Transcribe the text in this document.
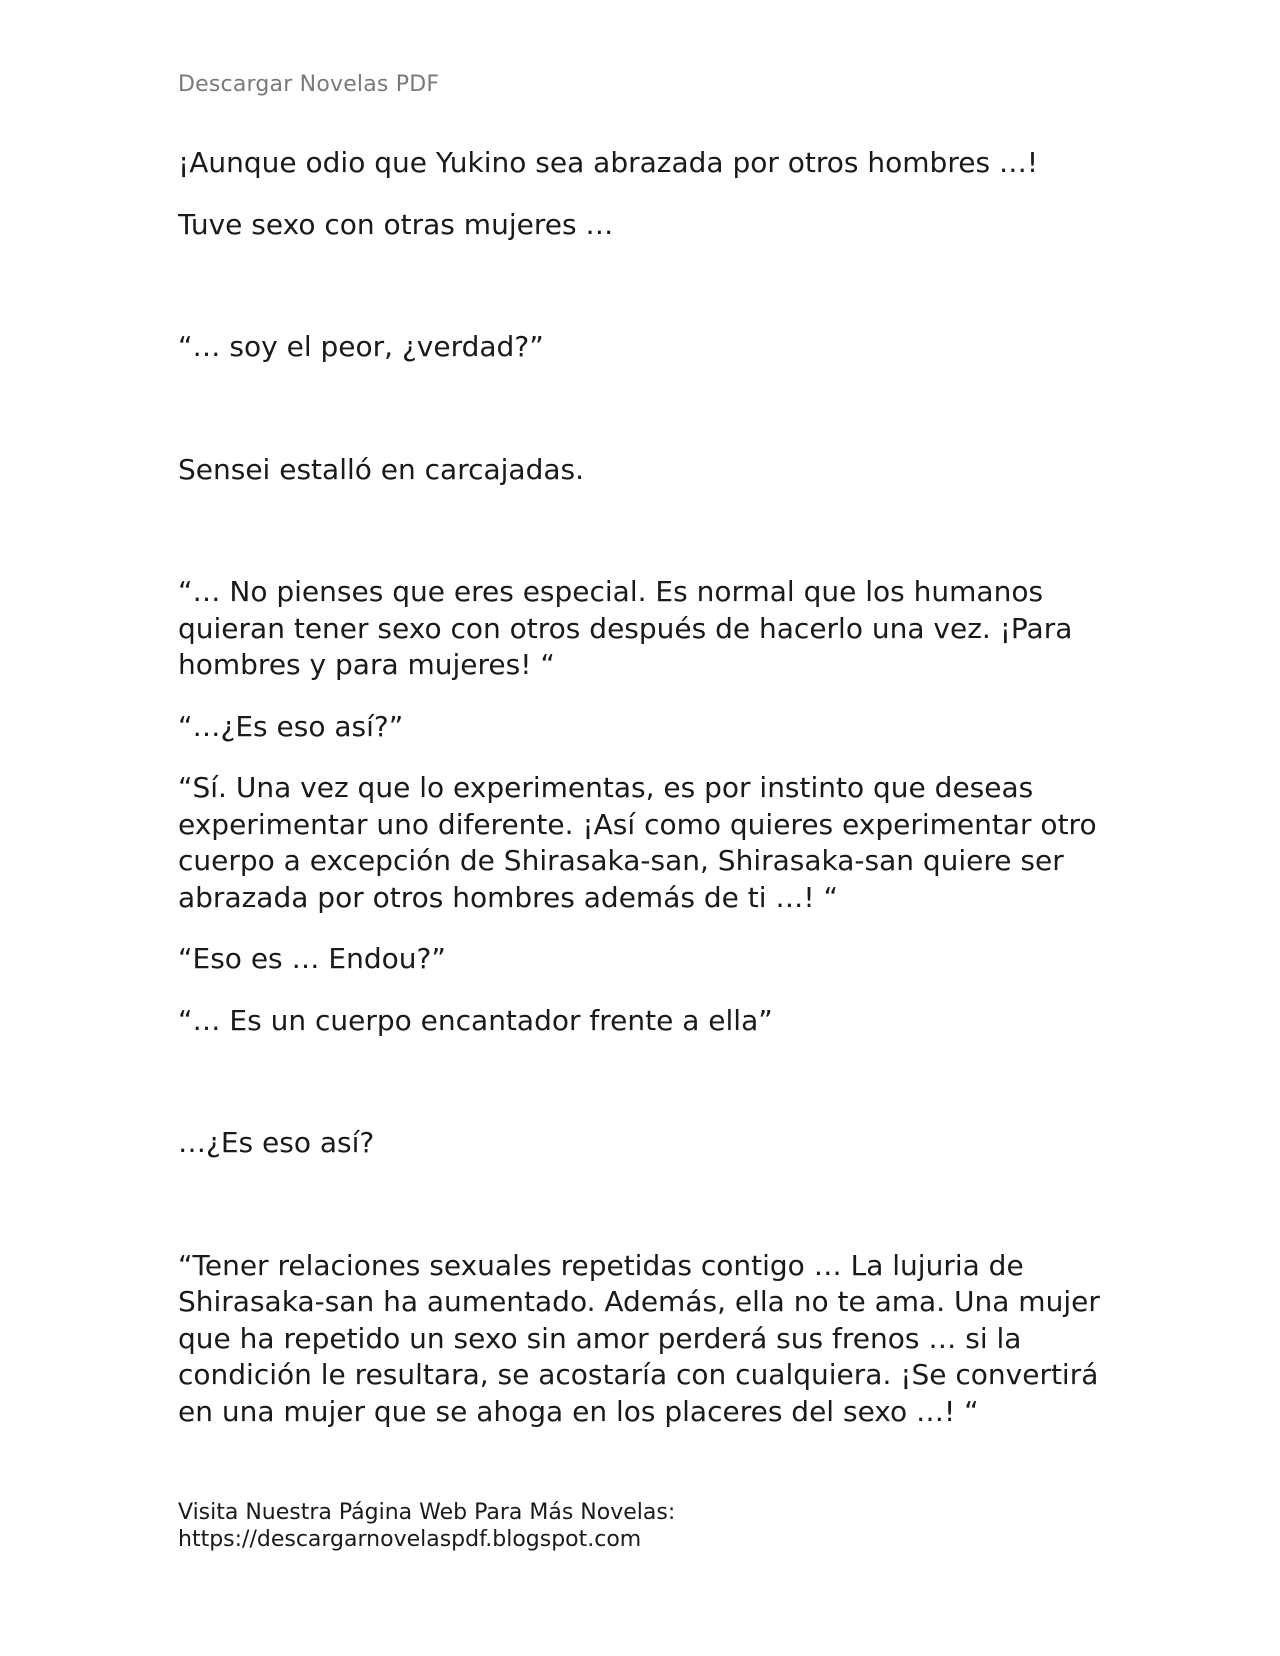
Descargar Novelas PDF

¡Aunque odio que Yukino sea abrazada por otros hombres …!

Tuve sexo con otras mujeres …

“… soy el peor, ¿verdad?”

Sensei estalló en carcajadas.

“… No pienses que eres especial. Es normal que los humanos quieran tener sexo con otros después de hacerlo una vez. ¡Para hombres y para mujeres! “

“…¿Es eso así?”

“Sí. Una vez que lo experimentas, es por instinto que deseas experimentar uno diferente. ¡Así como quieres experimentar otro cuerpo a excepción de Shirasaka-san, Shirasaka-san quiere ser abrazada por otros hombres además de ti …! “

“Eso es … Endou?”

“… Es un cuerpo encantador frente a ella”

…¿Es eso así?

“Tener relaciones sexuales repetidas contigo … La lujuria de Shirasaka-san ha aumentado. Además, ella no te ama. Una mujer que ha repetido un sexo sin amor perderá sus frenos … si la condición le resultara, se acostaría con cualquiera. ¡Se convertirá en una mujer que se ahoga en los placeres del sexo …! “

Visita Nuestra Página Web Para Más Novelas:
https://descargarnovelaspdf.blogspot.com
